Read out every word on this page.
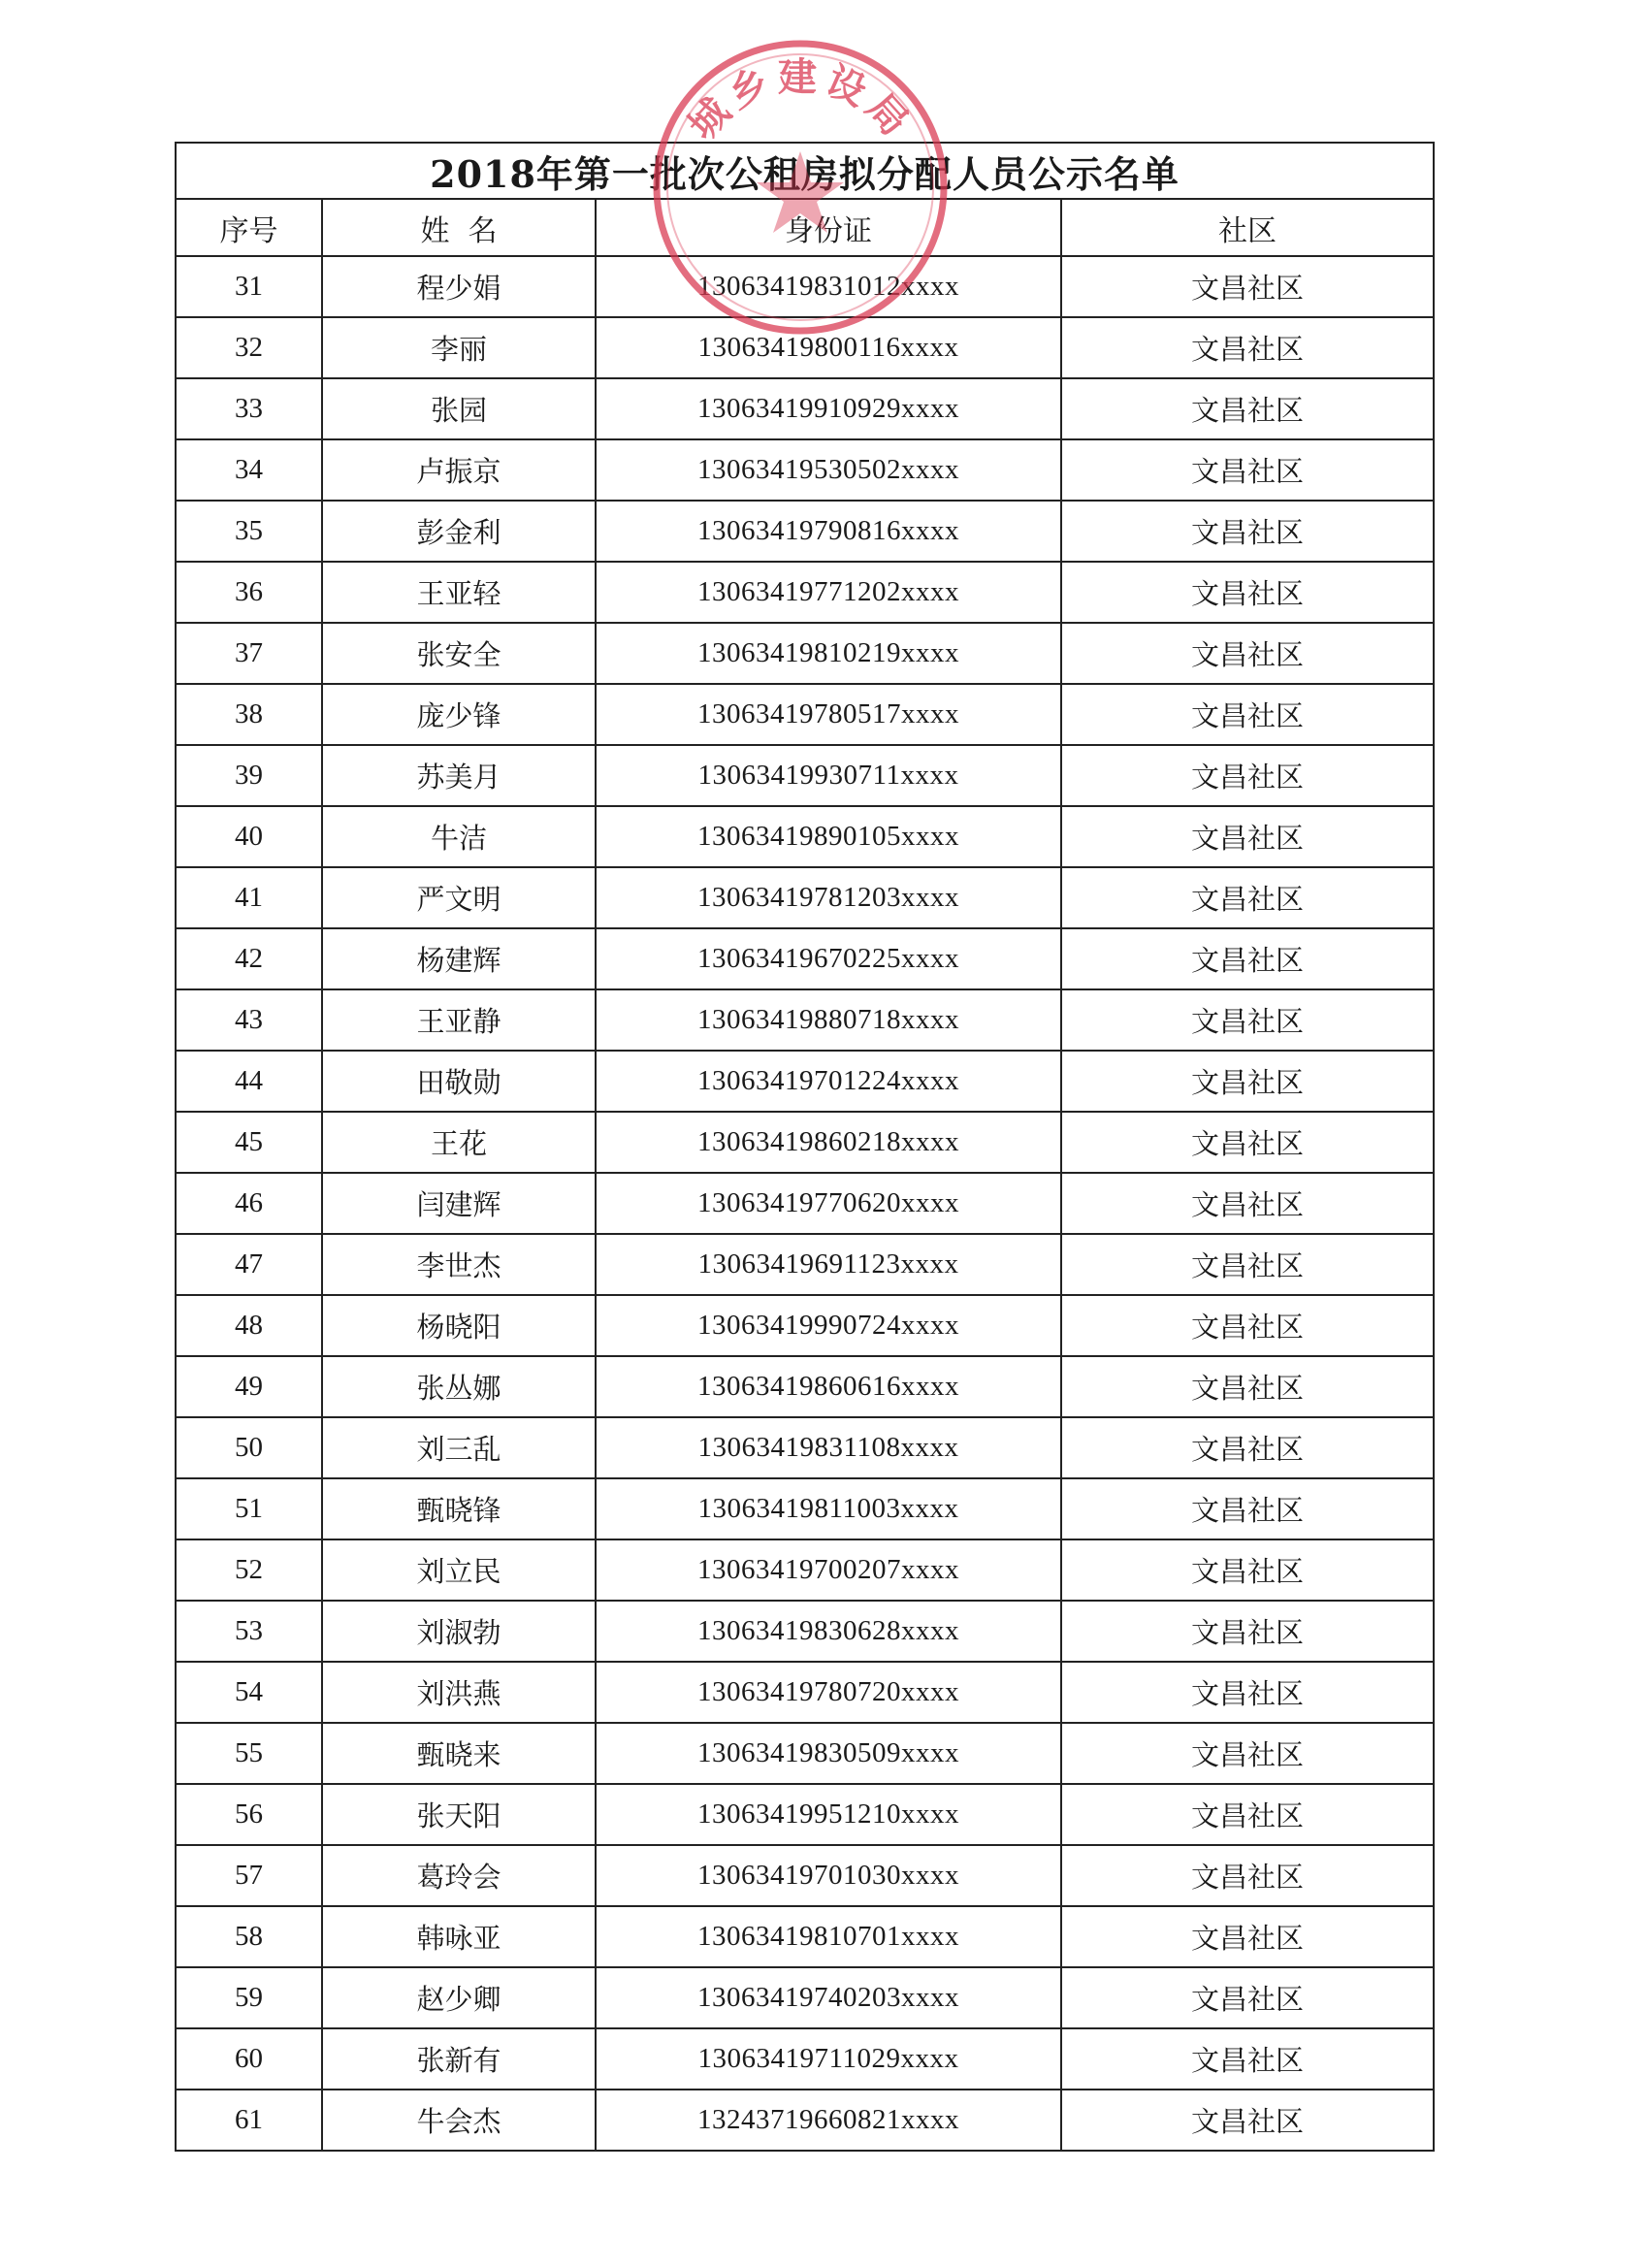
2018年第一批次公租房拟分配人员公示名单			
序号	姓  名	身份证	社区
31	程少娟	13063419831012xxxx	文昌社区
32	李丽	13063419800116xxxx	文昌社区
33	张园	13063419910929xxxx	文昌社区
34	卢振京	13063419530502xxxx	文昌社区
35	彭金利	13063419790816xxxx	文昌社区
36	王亚轻	13063419771202xxxx	文昌社区
37	张安全	13063419810219xxxx	文昌社区
38	庞少锋	13063419780517xxxx	文昌社区
39	苏美月	13063419930711xxxx	文昌社区
40	牛洁	13063419890105xxxx	文昌社区
41	严文明	13063419781203xxxx	文昌社区
42	杨建辉	13063419670225xxxx	文昌社区
43	王亚静	13063419880718xxxx	文昌社区
44	田敬勋	13063419701224xxxx	文昌社区
45	王花	13063419860218xxxx	文昌社区
46	闫建辉	13063419770620xxxx	文昌社区
47	李世杰	13063419691123xxxx	文昌社区
48	杨晓阳	13063419990724xxxx	文昌社区
49	张丛娜	13063419860616xxxx	文昌社区
50	刘三乱	13063419831108xxxx	文昌社区
51	甄晓锋	13063419811003xxxx	文昌社区
52	刘立民	13063419700207xxxx	文昌社区
53	刘淑勃	13063419830628xxxx	文昌社区
54	刘洪燕	13063419780720xxxx	文昌社区
55	甄晓来	13063419830509xxxx	文昌社区
56	张天阳	13063419951210xxxx	文昌社区
57	葛玲会	13063419701030xxxx	文昌社区
58	韩咏亚	13063419810701xxxx	文昌社区
59	赵少卿	13063419740203xxxx	文昌社区
60	张新有	13063419711029xxxx	文昌社区
61	牛会杰	13243719660821xxxx	文昌社区
城乡建设局
